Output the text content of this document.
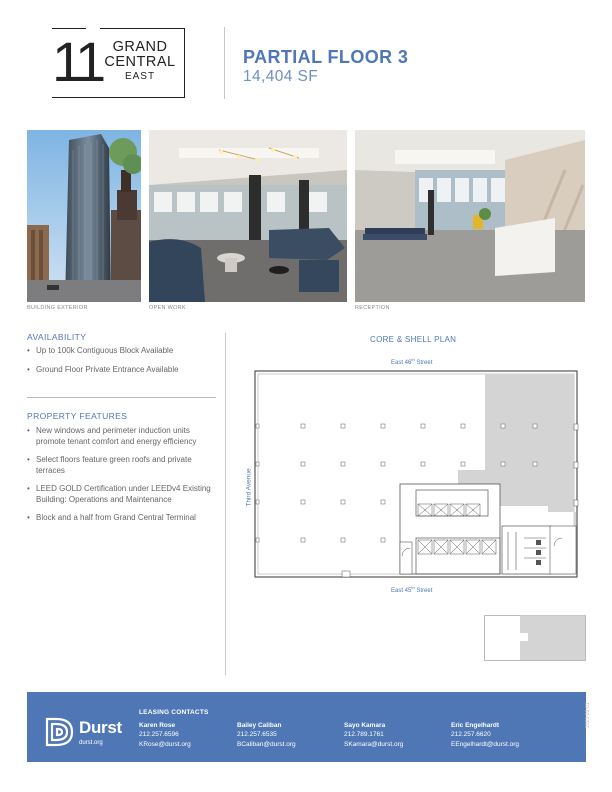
11 GRAND
CENTRAL
EAST
PARTIAL FLOOR 3
14,404 SF
BUILDING EXTERIOR	OPEN WORK	RECEPTION
AVAILABILITY
• Up to 100k Contiguous Block Available
• Ground Floor Private Entrance Available
PROPERTY FEATURES
• New windows and perimeter induction units promote tenant comfort and energy efficiency
• Select floors feature green roofs and private terraces
• LEED GOLD Certification under LEEDv4 Existing Building: Operations and Maintenance
• Block and a half from Grand Central Terminal
CORE & SHELL PLAN
East 46th Street
East 45th Street
Third Avenue
Durst
durst.org
LEASING CONTACTS
Karen Rose
212.257.6596
KRose@durst.org
Bailey Caliban
212.257.6535
BCaliban@durst.org
Sayo Kamara
212.789.1761
SKamara@durst.org
Eric Engelhardt
212.257.6620
EEngelhardt@durst.org
2023-09-01
